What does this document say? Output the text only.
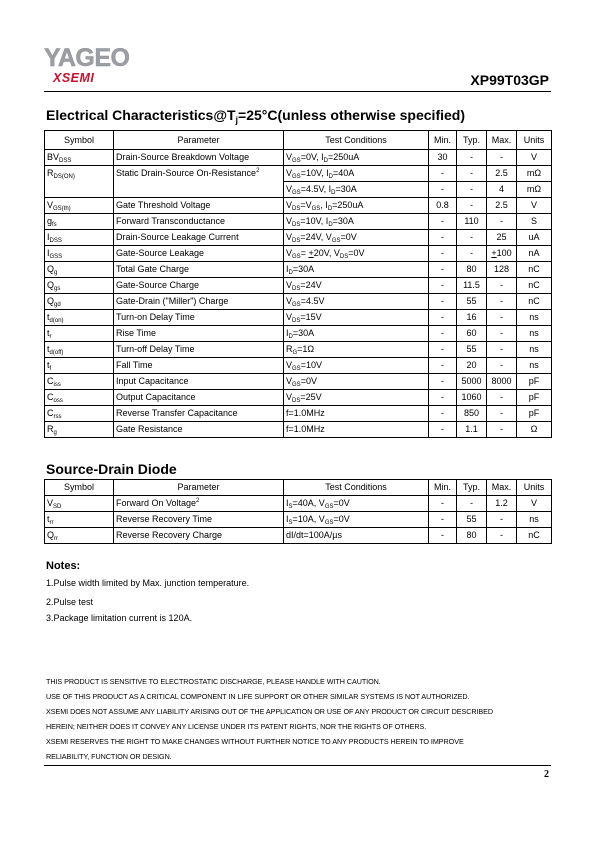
YAGEO
XSEMI	XP99T03GP
Electrical $Characteristics@T_j=25^\circ C(unless$ otherwise specified)
Symbol	Parameter	Test Conditions	Min.	Typ.	Max.	Units
$BV_{DSS}$	Drain-Source Breakdown Voltage	$V_{GS}=0V$, $I_D=250uA$	30	-	-	V
$R_{DS(ON)}$	Static Drain-Source On-Resistance$^2$	$V_{GS}=10V$, $I_D=40A$	-	-	2.5	mΩ
		$V_{GS}=4.5V$, $I_D=30A$	-	-	4	mΩ
$V_{GS(th)}$	Gate Threshold Voltage	$V_{DS}=V_{GS}$, $I_D=250uA$	0.8	-	2.5	V
$g_{fs}$	Forward Transconductance	$V_{DS}=10V$, $I_D=30A$	-	110	-	S
$I_{DSS}$	Drain-Source Leakage Current	$V_{DS}=24V$, $V_{GS}=0V$	-	-	25	uA
$I_{GSS}$	Gate-Source Leakage	$V_{GS}= +20V$, $V_{DS}=0V$	-	-	+100	nA
$Q_g$	Total Gate Charge	$I_D=30A$	-	80	128	nC
$Q_{gs}$	Gate-Source Charge	$V_{DS}=24V$	-	11.5	-	nC
$Q_{gd}$	Gate-Drain ("Miller") Charge	$V_{GS}=4.5V$	-	55	-	nC
$t_{d(on)}$	Turn-on Delay Time	$V_{DS}=15V$	-	16	-	ns
$t_r$	Rise Time	$I_D=30A$	-	60	-	ns
$t_{d(off)}$	Turn-off Delay Time	$R_G=1\Omega$	-	55	-	ns
$t_f$	Fall Time	$V_{GS}=10V$	-	20	-	ns
$C_{iss}$	Input Capacitance	$V_{GS}=0V$	-	5000	8000	pF
$C_{oss}$	Output Capacitance	$V_{DS}=25V$	-	1060	-	pF
$C_{rss}$	Reverse Transfer Capacitance	f=1.0MHz	-	850	-	pF
$R_g$	Gate Resistance	f=1.0MHz	-	1.1	-	Ω
Source-Drain Diode
Symbol	Parameter	Test Conditions	Min.	Typ.	Max.	Units
$V_{SD}$	Forward On Voltage$^2$	$I_S=40A$, $V_{GS}=0V$	-	-	1.2	V
$t_{rr}$	Reverse Recovery Time	$I_S=10A$, $V_{GS}=0V$	-	55	-	ns
$Q_{rr}$	Reverse Recovery Charge	dI/dt=100A/µs	-	80	-	nC
Notes:
1.Pulse width limited by Max. junction temperature.
2.Pulse test
3.Package limitation current is 120A.
THIS PRODUCT IS SENSITIVE TO ELECTROSTATIC DISCHARGE, PLEASE HANDLE WITH CAUTION.
USE OF THIS PRODUCT AS A CRITICAL COMPONENT IN LIFE SUPPORT OR OTHER SIMILAR SYSTEMS IS NOT AUTHORIZED.
XSEMI DOES NOT ASSUME ANY LIABILITY ARISING OUT OF THE APPLICATION OR USE OF ANY PRODUCT OR CIRCUIT DESCRIBED
HEREIN; NEITHER DOES IT CONVEY ANY LICENSE UNDER ITS PATENT RIGHTS, NOR THE RIGHTS OF OTHERS.
XSEMI RESERVES THE RIGHT TO MAKE CHANGES WITHOUT FURTHER NOTICE TO ANY PRODUCTS HEREIN TO IMPROVE
RELIABILITY, FUNCTION OR DESIGN.
2
